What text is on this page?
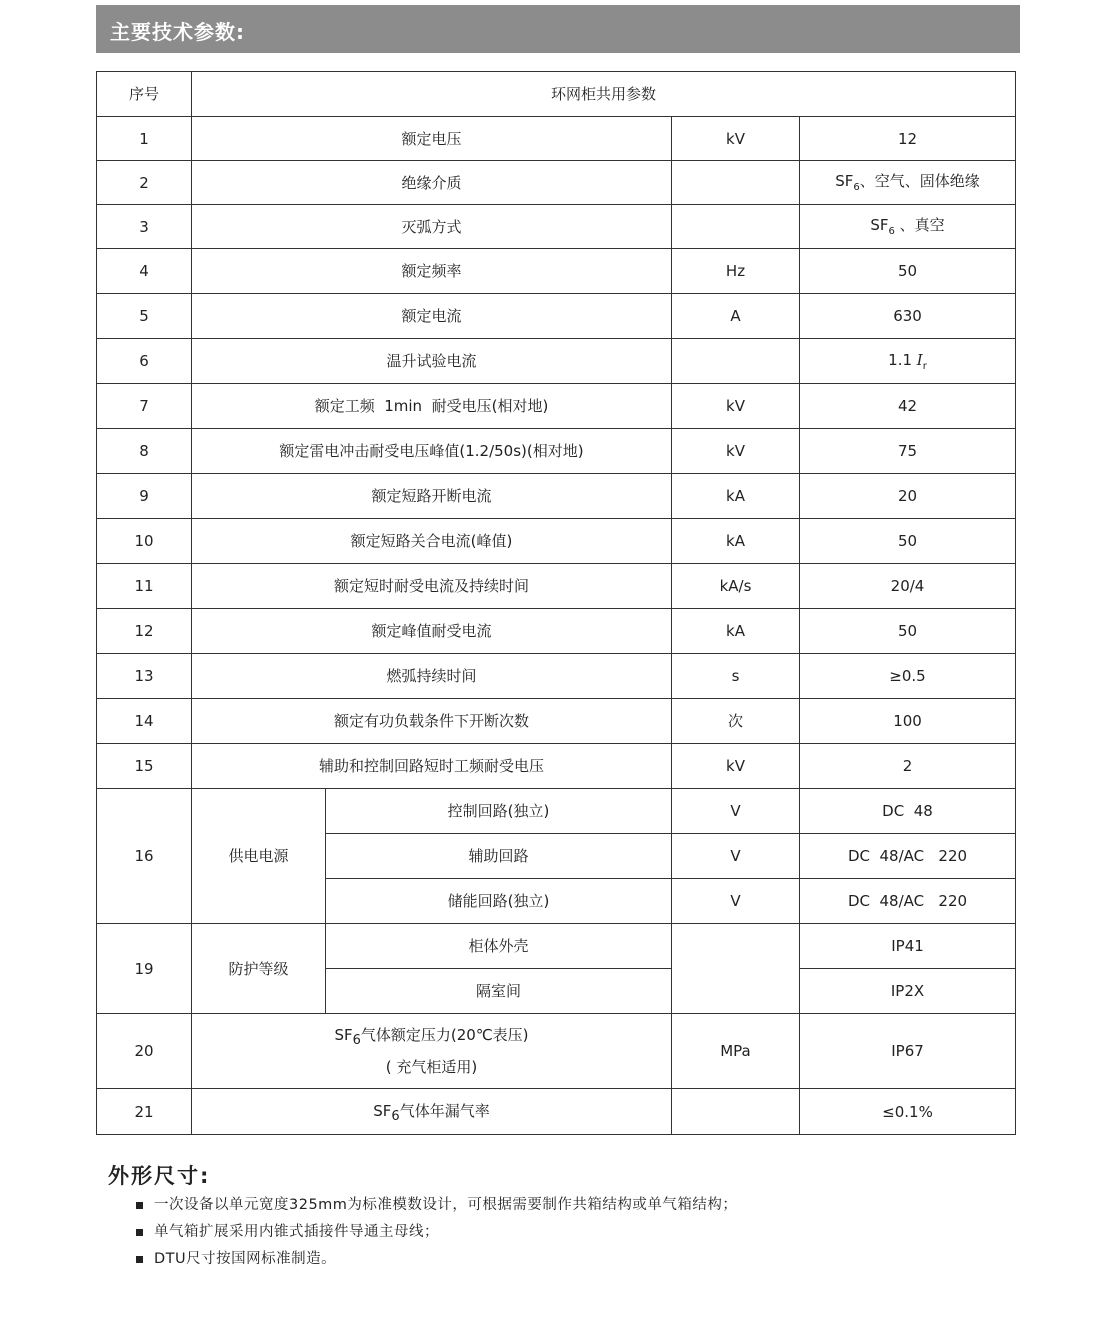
主要技术参数:
序号	环网柜共用参数			
1	额定电压		kV	12
2	绝缘介质			$SF_6$、空气、固体绝缘
3	灭弧方式			$SF_6$ 、真空
4	额定频率		Hz	50
5	额定电流		A	630
6	温升试验电流			1.1 $I_r$
7	额定工频  1min  耐受电压(相对地)		kV	42
8	额定雷电冲击耐受电压峰值(1.2/50s)(相对地)		kV	75
9	额定短路开断电流		kA	20
10	额定短路关合电流(峰值)		kA	50
11	额定短时耐受电流及持续时间		kA/s	20/4
12	额定峰值耐受电流		kA	50
13	燃弧持续时间		s	≥0.5
14	额定有功负载条件下开断次数		次	100
15	辅助和控制回路短时工频耐受电压		kV	2
16	供电电源	控制回路(独立)	V	DC  48
		辅助回路	V	DC  48/AC   220
		储能回路(独立)	V	DC  48/AC   220
19	防护等级	柜体外壳		IP41
		隔室间		IP2X
20	SF6气体额定压力(20℃表压)
( 充气柜适用)		MPa	IP67
21	SF6气体年漏气率			≤0.1%
外形尺寸:
一次设备以单元宽度325mm为标准模数设计，可根据需要制作共箱结构或单气箱结构；
单气箱扩展采用内锥式插接件导通主母线；
DTU尺寸按国网标准制造。
